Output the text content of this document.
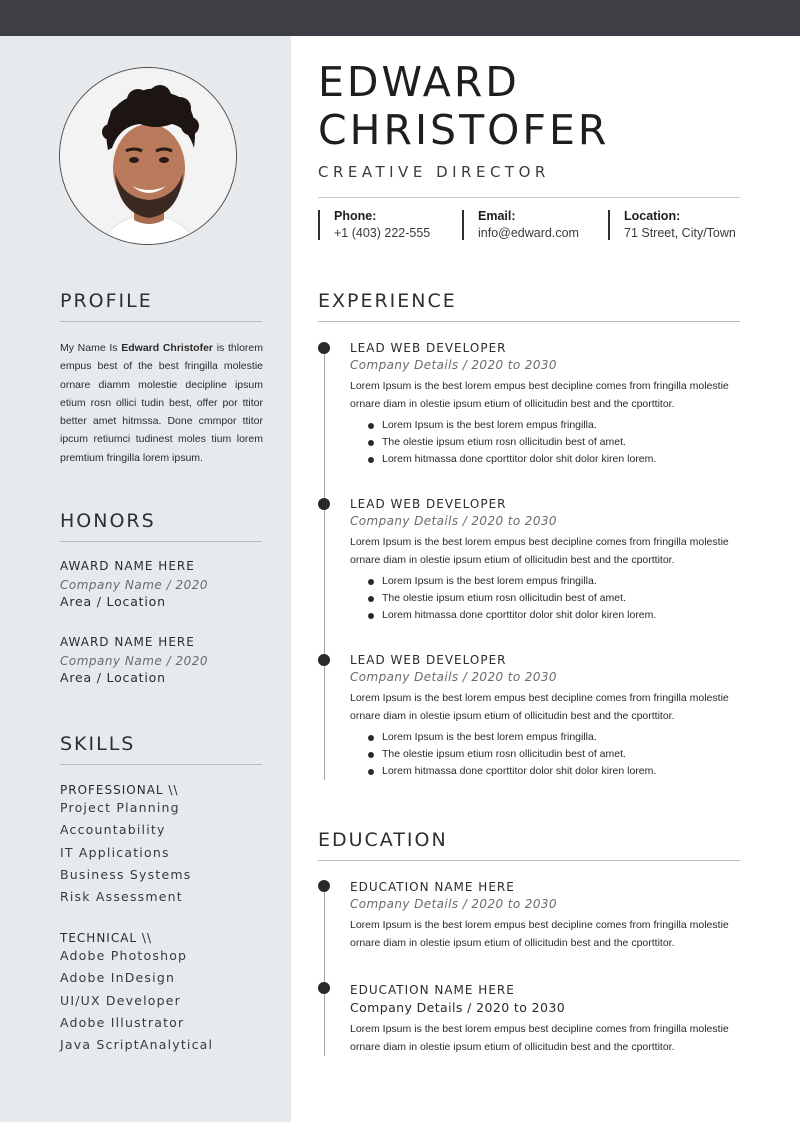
PROFILE
My Name Is Edward Christofer is thlorem empus best of the best fringilla molestie ornare diamm molestie decipline ipsum etium rosn ollici tudin best, offer por ttitor better amet hitmssa. Done cmmpor ttitor ipcum retiumci tudinest moles tium lorem premtium fringilla lorem ipsum.
HONORS
AWARD NAME HERE
Company Name / 2020
Area / Location
AWARD NAME HERE
Company Name / 2020
Area / Location
SKILLS
PROFESSIONAL \\
Project Planning
Accountability
IT Applications
Business Systems
Risk Assessment
TECHNICAL \\
Adobe Photoshop
Adobe InDesign
UI/UX Developer
Adobe Illustrator
Java ScriptAnalytical
EDWARD
CHRISTOFER
CREATIVE DIRECTOR
Phone:
+1 (403) 222-555
Email:
info@edward.com
Location:
71 Street, City/Town
EXPERIENCE
LEAD WEB DEVELOPER
Company Details / 2020 to 2030
Lorem Ipsum is the best lorem empus best decipline comes from fringilla molestie ornare diam in olestie ipsum etium of ollicitudin best and the cporttitor.
Lorem Ipsum is the best lorem empus fringilla.
The olestie ipsum etium rosn ollicitudin best of amet.
Lorem hitmassa done cporttitor dolor shit dolor kiren lorem.
LEAD WEB DEVELOPER
Company Details / 2020 to 2030
Lorem Ipsum is the best lorem empus best decipline comes from fringilla molestie ornare diam in olestie ipsum etium of ollicitudin best and the cporttitor.
Lorem Ipsum is the best lorem empus fringilla.
The olestie ipsum etium rosn ollicitudin best of amet.
Lorem hitmassa done cporttitor dolor shit dolor kiren lorem.
LEAD WEB DEVELOPER
Company Details / 2020 to 2030
Lorem Ipsum is the best lorem empus best decipline comes from fringilla molestie ornare diam in olestie ipsum etium of ollicitudin best and the cporttitor.
Lorem Ipsum is the best lorem empus fringilla.
The olestie ipsum etium rosn ollicitudin best of amet.
Lorem hitmassa done cporttitor dolor shit dolor kiren lorem.
EDUCATION
EDUCATION NAME HERE
Company Details / 2020 to 2030
Lorem Ipsum is the best lorem empus best decipline comes from fringilla molestie ornare diam in olestie ipsum etium of ollicitudin best and the cporttitor.
EDUCATION NAME HERE
Company Details / 2020 to 2030
Lorem Ipsum is the best lorem empus best decipline comes from fringilla molestie ornare diam in olestie ipsum etium of ollicitudin best and the cporttitor.
